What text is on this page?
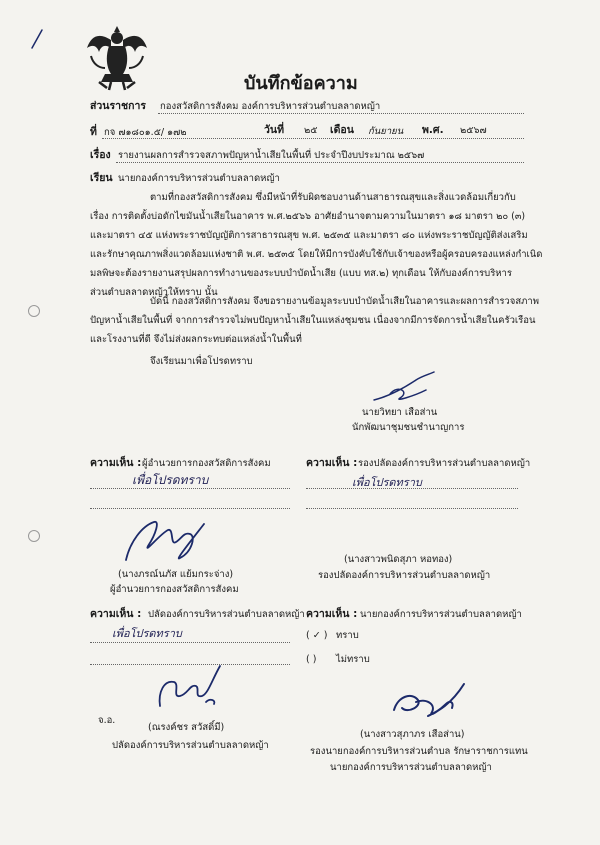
บันทึกข้อความ
ส่วนราชการ กองสวัสดิการสังคม องค์การบริหารส่วนตำบลลาดหญ้า
ที่ กจ ๗๑๘๐๑.๕/ ๑๗๒	วันที่ ๒๕ เดือน กันยายน พ.ศ. ๒๕๖๗
เรื่อง รายงานผลการสำรวจสภาพปัญหาน้ำเสียในพื้นที่ ประจำปีงบประมาณ ๒๕๖๗
เรียน นายกองค์การบริหารส่วนตำบลลาดหญ้า
ตามที่กองสวัสดิการสังคม ซึ่งมีหน้าที่รับผิดชอบงานด้านสาธารณสุขและสิ่งแวดล้อมเกี่ยวกับ
เรื่อง การติดตั้งบ่อดักไขมันน้ำเสียในอาคาร พ.ศ.๒๕๖๖ อาศัยอำนาจตามความในมาตรา ๑๘ มาตรา ๒๐ (๓)
และมาตรา ๔๕ แห่งพระราชบัญญัติการสาธารณสุข พ.ศ. ๒๕๓๕ และมาตรา ๘๐ แห่งพระราชบัญญัติส่งเสริม
และรักษาคุณภาพสิ่งแวดล้อมแห่งชาติ พ.ศ. ๒๕๓๕ โดยให้มีการบังคับใช้กับเจ้าของหรือผู้ครอบครองแหล่งกำเนิด
มลพิษจะต้องรายงานสรุปผลการทำงานของระบบบำบัดน้ำเสีย (แบบ ทส.๒) ทุกเดือน ให้กับองค์การบริหาร
ส่วนตำบลลาดหญ้าให้ทราบ นั้น
บัดนี้ กองสวัสดิการสังคม จึงขอรายงานข้อมูลระบบบำบัดน้ำเสียในอาคารและผลการสำรวจสภาพ
ปัญหาน้ำเสียในพื้นที่ จากการสำรวจไม่พบปัญหาน้ำเสียในแหล่งชุมชน เนื่องจากมีการจัดการน้ำเสียในครัวเรือน
และโรงงานที่ดี จึงไม่ส่งผลกระทบต่อแหล่งน้ำในพื้นที่
จึงเรียนมาเพื่อโปรดทราบ
นายวิทยา เสือส่าน
นักพัฒนาชุมชนชำนาญการ
ความเห็น : ผู้อำนวยการกองสวัสดิการสังคม
เพื่อโปรดทราบ
(นางภรณ์นภัส แย้มกระจ่าง)
ผู้อำนวยการกองสวัสดิการสังคม
ความเห็น : รองปลัดองค์การบริหารส่วนตำบลลาดหญ้า
เพื่อโปรดทราบ
(นางสาวพนิดสุภา หอทอง)
รองปลัดองค์การบริหารส่วนตำบลลาดหญ้า
ความเห็น : ปลัดองค์การบริหารส่วนตำบลลาดหญ้า
เพื่อโปรดทราบ
จ.อ.
(ณรงค์ชร สวัสดิ์มี)
ปลัดองค์การบริหารส่วนตำบลลาดหญ้า
ความเห็น : นายกองค์การบริหารส่วนตำบลลาดหญ้า
( ✓ ) ทราบ
( ) ไม่ทราบ
(นางสาวสุภาภร เสือส่าน)
รองนายกองค์การบริหารส่วนตำบล รักษาราชการแทน
นายกองค์การบริหารส่วนตำบลลาดหญ้า
